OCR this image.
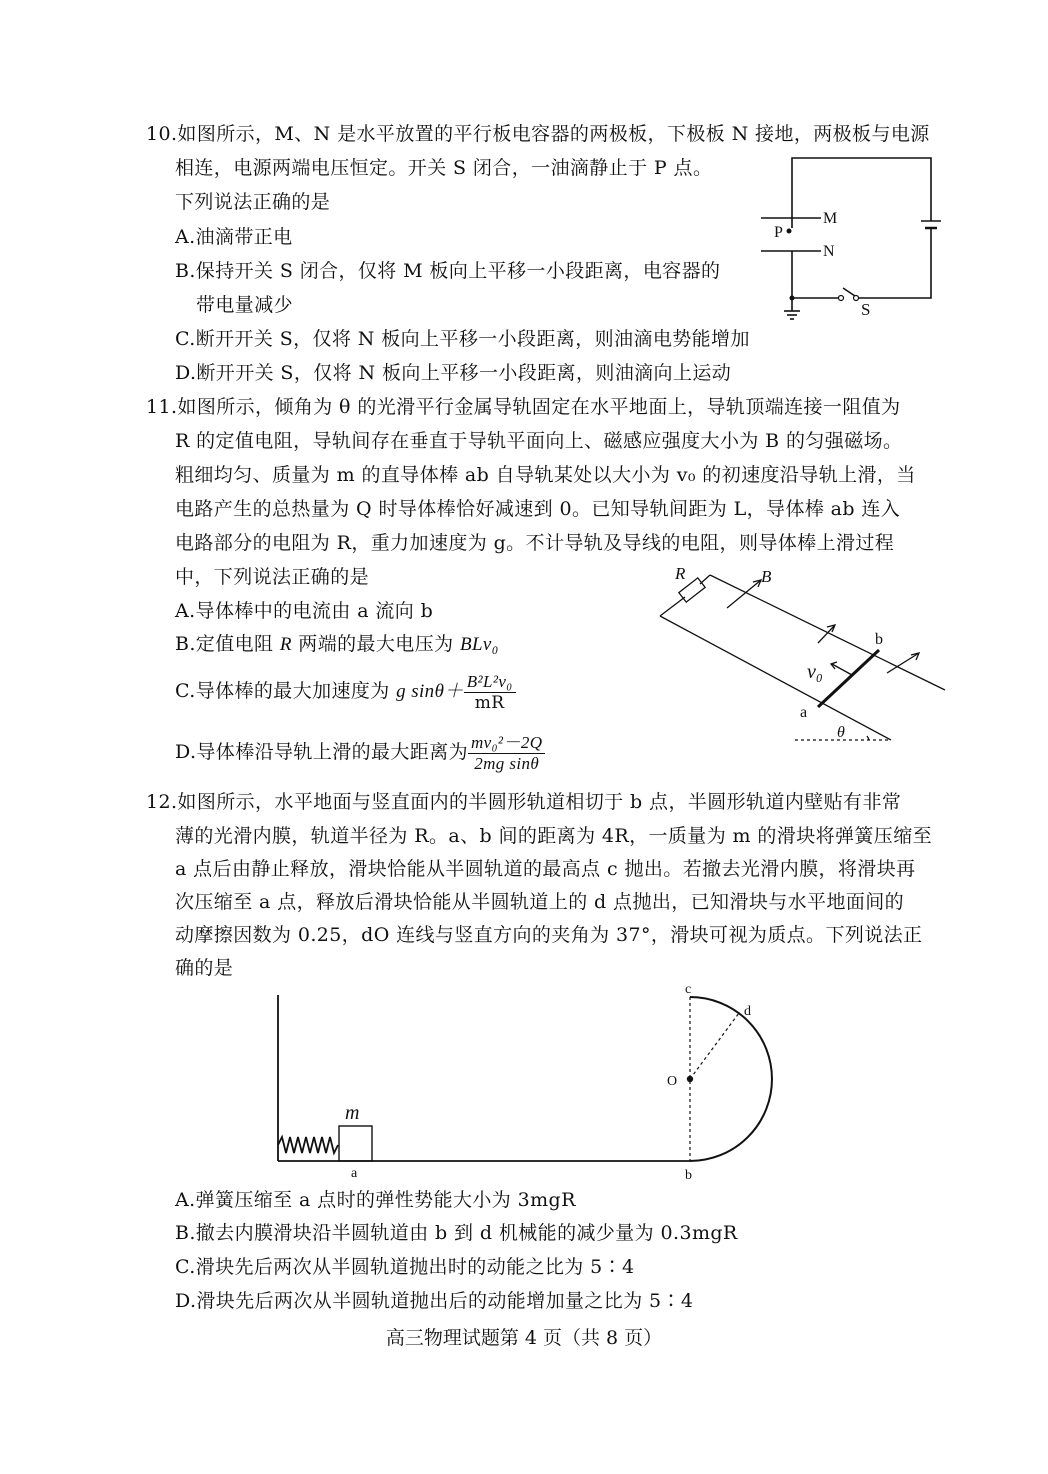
10.如图所示，M、N 是水平放置的平行板电容器的两极板，下极板 N 接地，两极板与电源
相连，电源两端电压恒定。开关 S 闭合，一油滴静止于 P 点。
下列说法正确的是
A.油滴带正电
B.保持开关 S 闭合，仅将 M 板向上平移一小段距离，电容器的
带电量减少
C.断开开关 S，仅将 N 板向上平移一小段距离，则油滴电势能增加
D.断开开关 S，仅将 N 板向上平移一小段距离，则油滴向上运动
M
N
P
S
11.如图所示，倾角为 θ 的光滑平行金属导轨固定在水平地面上，导轨顶端连接一阻值为
R 的定值电阻，导轨间存在垂直于导轨平面向上、磁感应强度大小为 B 的匀强磁场。
粗细均匀、质量为 m 的直导体棒 ab 自导轨某处以大小为 v₀ 的初速度沿导轨上滑，当
电路产生的总热量为 Q 时导体棒恰好减速到 0。已知导轨间距为 L，导体棒 ab 连入
电路部分的电阻为 R，重力加速度为 g。不计导轨及导线的电阻，则导体棒上滑过程
中，下列说法正确的是
A.导体棒中的电流由 a 流向 b
B.定值电阻 R 两端的最大电压为 BLv₀
C.导体棒的最大加速度为 g $\sin\theta+ \frac{\text{B²L²v₀}}{mR}$
D.导体棒沿导轨上滑的最大距离为 $\frac{\text{mv₀²－2Q}}{\text{2mg sinθ}}$
R	B
v₀
a
b
θ
12.如图所示，水平地面与竖直面内的半圆形轨道相切于 b 点，半圆形轨道内壁贴有非常
薄的光滑内膜，轨道半径为 R。a、b 间的距离为 4R，一质量为 m 的滑块将弹簧压缩至
a 点后由静止释放，滑块恰能从半圆轨道的最高点 c 抛出。若撤去光滑内膜，将滑块再
次压缩至 a 点，释放后滑块恰能从半圆轨道上的 d 点抛出，已知滑块与水平地面间的
动摩擦因数为 0.25，dO 连线与竖直方向的夹角为 37°，滑块可视为质点。下列说法正
确的是
m
a	b
c
d
O
A.弹簧压缩至 a 点时的弹性势能大小为 3mgR
B.撤去内膜滑块沿半圆轨道由 b 到 d 机械能的减少量为 0.3mgR
C.滑块先后两次从半圆轨道抛出时的动能之比为 5∶4
D.滑块先后两次从半圆轨道抛出后的动能增加量之比为 5∶4
高三物理试题第 4 页（共 8 页）
